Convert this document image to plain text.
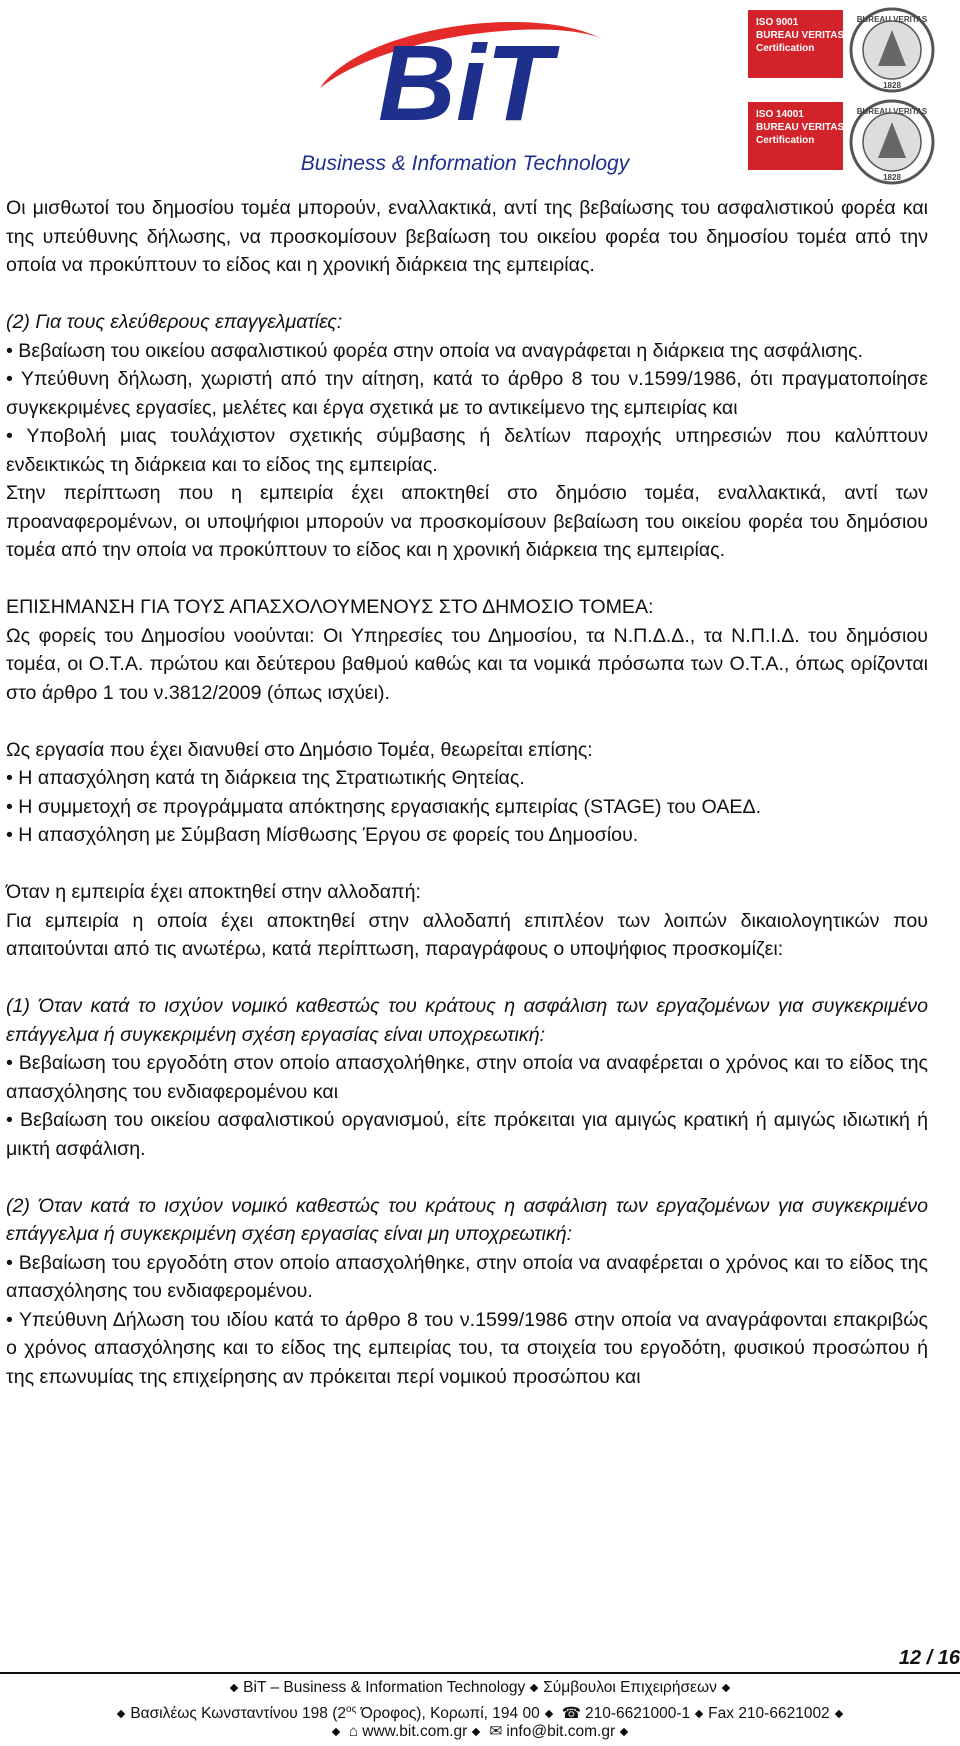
BiT
Business & Information Technology
ISO 9001
BUREAU VERITAS
Certification
BUREAU VERITAS
1828
ISO 14001
BUREAU VERITAS
Certification
BUREAU VERITAS
1828

Οι μισθωτοί του δημοσίου τομέα μπορούν, εναλλακτικά, αντί της βεβαίωσης του ασφαλιστικού φορέα και της υπεύθυνης δήλωσης, να προσκομίσουν βεβαίωση του οικείου φορέα του δημοσίου τομέα από την οποία να προκύπτουν το είδος και η χρονική διάρκεια της εμπειρίας.

(2) Για τους ελεύθερους επαγγελματίες:

• Βεβαίωση του οικείου ασφαλιστικού φορέα στην οποία να αναγράφεται η διάρκεια της ασφάλισης.

• Υπεύθυνη δήλωση, χωριστή από την αίτηση, κατά το άρθρο 8 του ν.1599/1986, ότι πραγματοποίησε συγκεκριμένες εργασίες, μελέτες και έργα σχετικά με το αντικείμενο της εμπειρίας και

• Υποβολή μιας τουλάχιστον σχετικής σύμβασης ή δελτίων παροχής υπηρεσιών που καλύπτουν ενδεικτικώς τη διάρκεια και το είδος της εμπειρίας.

Στην περίπτωση που η εμπειρία έχει αποκτηθεί στο δημόσιο τομέα, εναλλακτικά, αντί των προαναφερομένων, οι υποψήφιοι μπορούν να προσκομίσουν βεβαίωση του οικείου φορέα του δημόσιου τομέα από την οποία να προκύπτουν το είδος και η χρονική διάρκεια της εμπειρίας.

ΕΠΙΣΗΜΑΝΣΗ ΓΙΑ ΤΟΥΣ ΑΠΑΣΧΟΛΟΥΜΕΝΟΥΣ ΣΤΟ ΔΗΜΟΣΙΟ ΤΟΜΕΑ:

Ως φορείς του Δημοσίου νοούνται: Οι Υπηρεσίες του Δημοσίου, τα Ν.Π.Δ.Δ., τα Ν.Π.Ι.Δ. του δημόσιου τομέα, οι Ο.Τ.Α. πρώτου και δεύτερου βαθμού καθώς και τα νομικά πρόσωπα των Ο.Τ.Α., όπως ορίζονται στο άρθρο 1 του ν.3812/2009 (όπως ισχύει).

Ως εργασία που έχει διανυθεί στο Δημόσιο Τομέα, θεωρείται επίσης:

• Η απασχόληση κατά τη διάρκεια της Στρατιωτικής Θητείας.

• Η συμμετοχή σε προγράμματα απόκτησης εργασιακής εμπειρίας (STAGE) του ΟΑΕΔ.

• Η απασχόληση με Σύμβαση Μίσθωσης Έργου σε φορείς του Δημοσίου.

Όταν η εμπειρία έχει αποκτηθεί στην αλλοδαπή:

Για εμπειρία η οποία έχει αποκτηθεί στην αλλοδαπή επιπλέον των λοιπών δικαιολογητικών που απαιτούνται από τις ανωτέρω, κατά περίπτωση, παραγράφους ο υποψήφιος προσκομίζει:

(1) Όταν κατά το ισχύον νομικό καθεστώς του κράτους η ασφάλιση των εργαζομένων για συγκεκριμένο επάγγελμα ή συγκεκριμένη σχέση εργασίας είναι υποχρεωτική:

• Βεβαίωση του εργοδότη στον οποίο απασχολήθηκε, στην οποία να αναφέρεται ο χρόνος και το είδος της απασχόλησης του ενδιαφερομένου και

• Βεβαίωση του οικείου ασφαλιστικού οργανισμού, είτε πρόκειται για αμιγώς κρατική ή αμιγώς ιδιωτική ή μικτή ασφάλιση.

(2) Όταν κατά το ισχύον νομικό καθεστώς του κράτους η ασφάλιση των εργαζομένων για συγκεκριμένο επάγγελμα ή συγκεκριμένη σχέση εργασίας είναι μη υποχρεωτική:

• Βεβαίωση του εργοδότη στον οποίο απασχολήθηκε, στην οποία να αναφέρεται ο χρόνος και το είδος της απασχόλησης του ενδιαφερομένου.

• Υπεύθυνη Δήλωση του ιδίου κατά το άρθρο 8 του ν.1599/1986 στην οποία να αναγράφονται επακριβώς ο χρόνος απασχόλησης και το είδος της εμπειρίας του, τα στοιχεία του εργοδότη, φυσικού προσώπου ή της επωνυμίας της επιχείρησης αν πρόκειται περί νομικού προσώπου και

12 / 16
BiT – Business & Information Technology Σύμβουλοι Επιχειρήσεων
Βασιλέως Κωνσταντίνου 198 ($2^{o\varsigma}$ Όροφος), Κορωπί, 194 00 ☎ 210-6621000-1 Fax 210-6621002
⌂ www.bit.com.gr ✉ info@bit.com.gr
